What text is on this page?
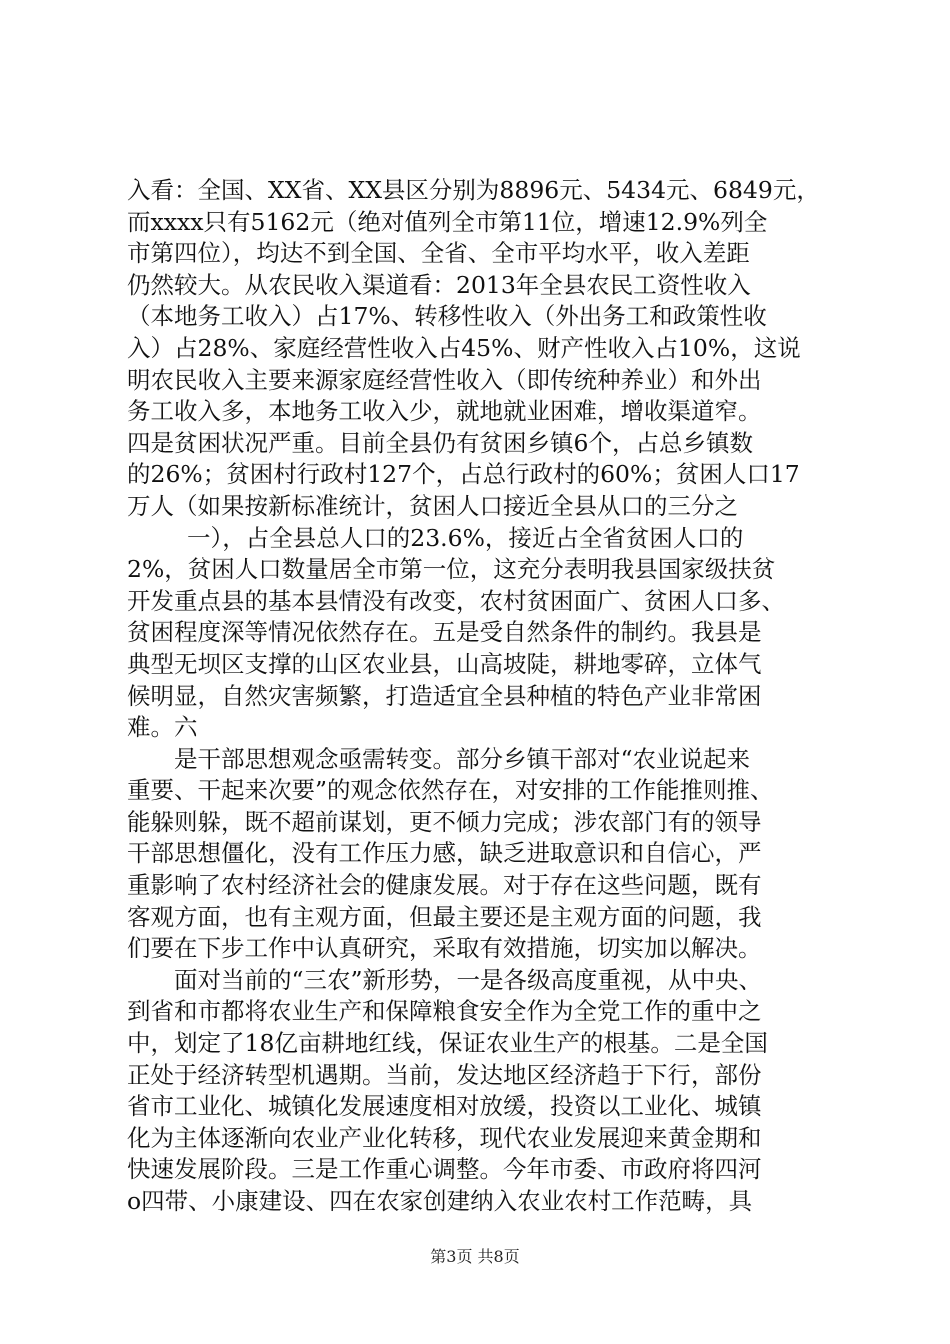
入看：全国、XX省、XX县区分别为8896元、5434元、6849元，
而xxxx只有5162元（绝对值列全市第11位，增速12.9%列全
市第四位），均达不到全国、全省、全市平均水平，收入差距
仍然较大。从农民收入渠道看：2013年全县农民工资性收入
（本地务工收入）占17%、转移性收入（外出务工和政策性收
入）占28%、家庭经营性收入占45%、财产性收入占10%，这说
明农民收入主要来源家庭经营性收入（即传统种养业）和外出
务工收入多，本地务工收入少，就地就业困难，增收渠道窄。
四是贫困状况严重。目前全县仍有贫困乡镇6个，占总乡镇数
的26%；贫困村行政村127个，占总行政村的60%；贫困人口17
万人（如果按新标准统计，贫困人口接近全县从口的三分之
一），占全县总人口的23.6%，接近占全省贫困人口的
2%，贫困人口数量居全市第一位，这充分表明我县国家级扶贫
开发重点县的基本县情没有改变，农村贫困面广、贫困人口多、
贫困程度深等情况依然存在。五是受自然条件的制约。我县是
典型无坝区支撑的山区农业县，山高坡陡，耕地零碎，立体气
候明显，自然灾害频繁，打造适宜全县种植的特色产业非常困
难。六
是干部思想观念亟需转变。部分乡镇干部对“农业说起来
重要、干起来次要”的观念依然存在，对安排的工作能推则推、
能躲则躲，既不超前谋划，更不倾力完成；涉农部门有的领导
干部思想僵化，没有工作压力感，缺乏进取意识和自信心，严
重影响了农村经济社会的健康发展。对于存在这些问题，既有
客观方面，也有主观方面，但最主要还是主观方面的问题，我
们要在下步工作中认真研究，采取有效措施，切实加以解决。
面对当前的“三农”新形势，一是各级高度重视，从中央、
到省和市都将农业生产和保障粮食安全作为全党工作的重中之
中，划定了18亿亩耕地红线，保证农业生产的根基。二是全国
正处于经济转型机遇期。当前，发达地区经济趋于下行，部份
省市工业化、城镇化发展速度相对放缓，投资以工业化、城镇
化为主体逐渐向农业产业化转移，现代农业发展迎来黄金期和
快速发展阶段。三是工作重心调整。今年市委、市政府将四河
o四带、小康建设、四在农家创建纳入农业农村工作范畴，具
第3页 共8页
